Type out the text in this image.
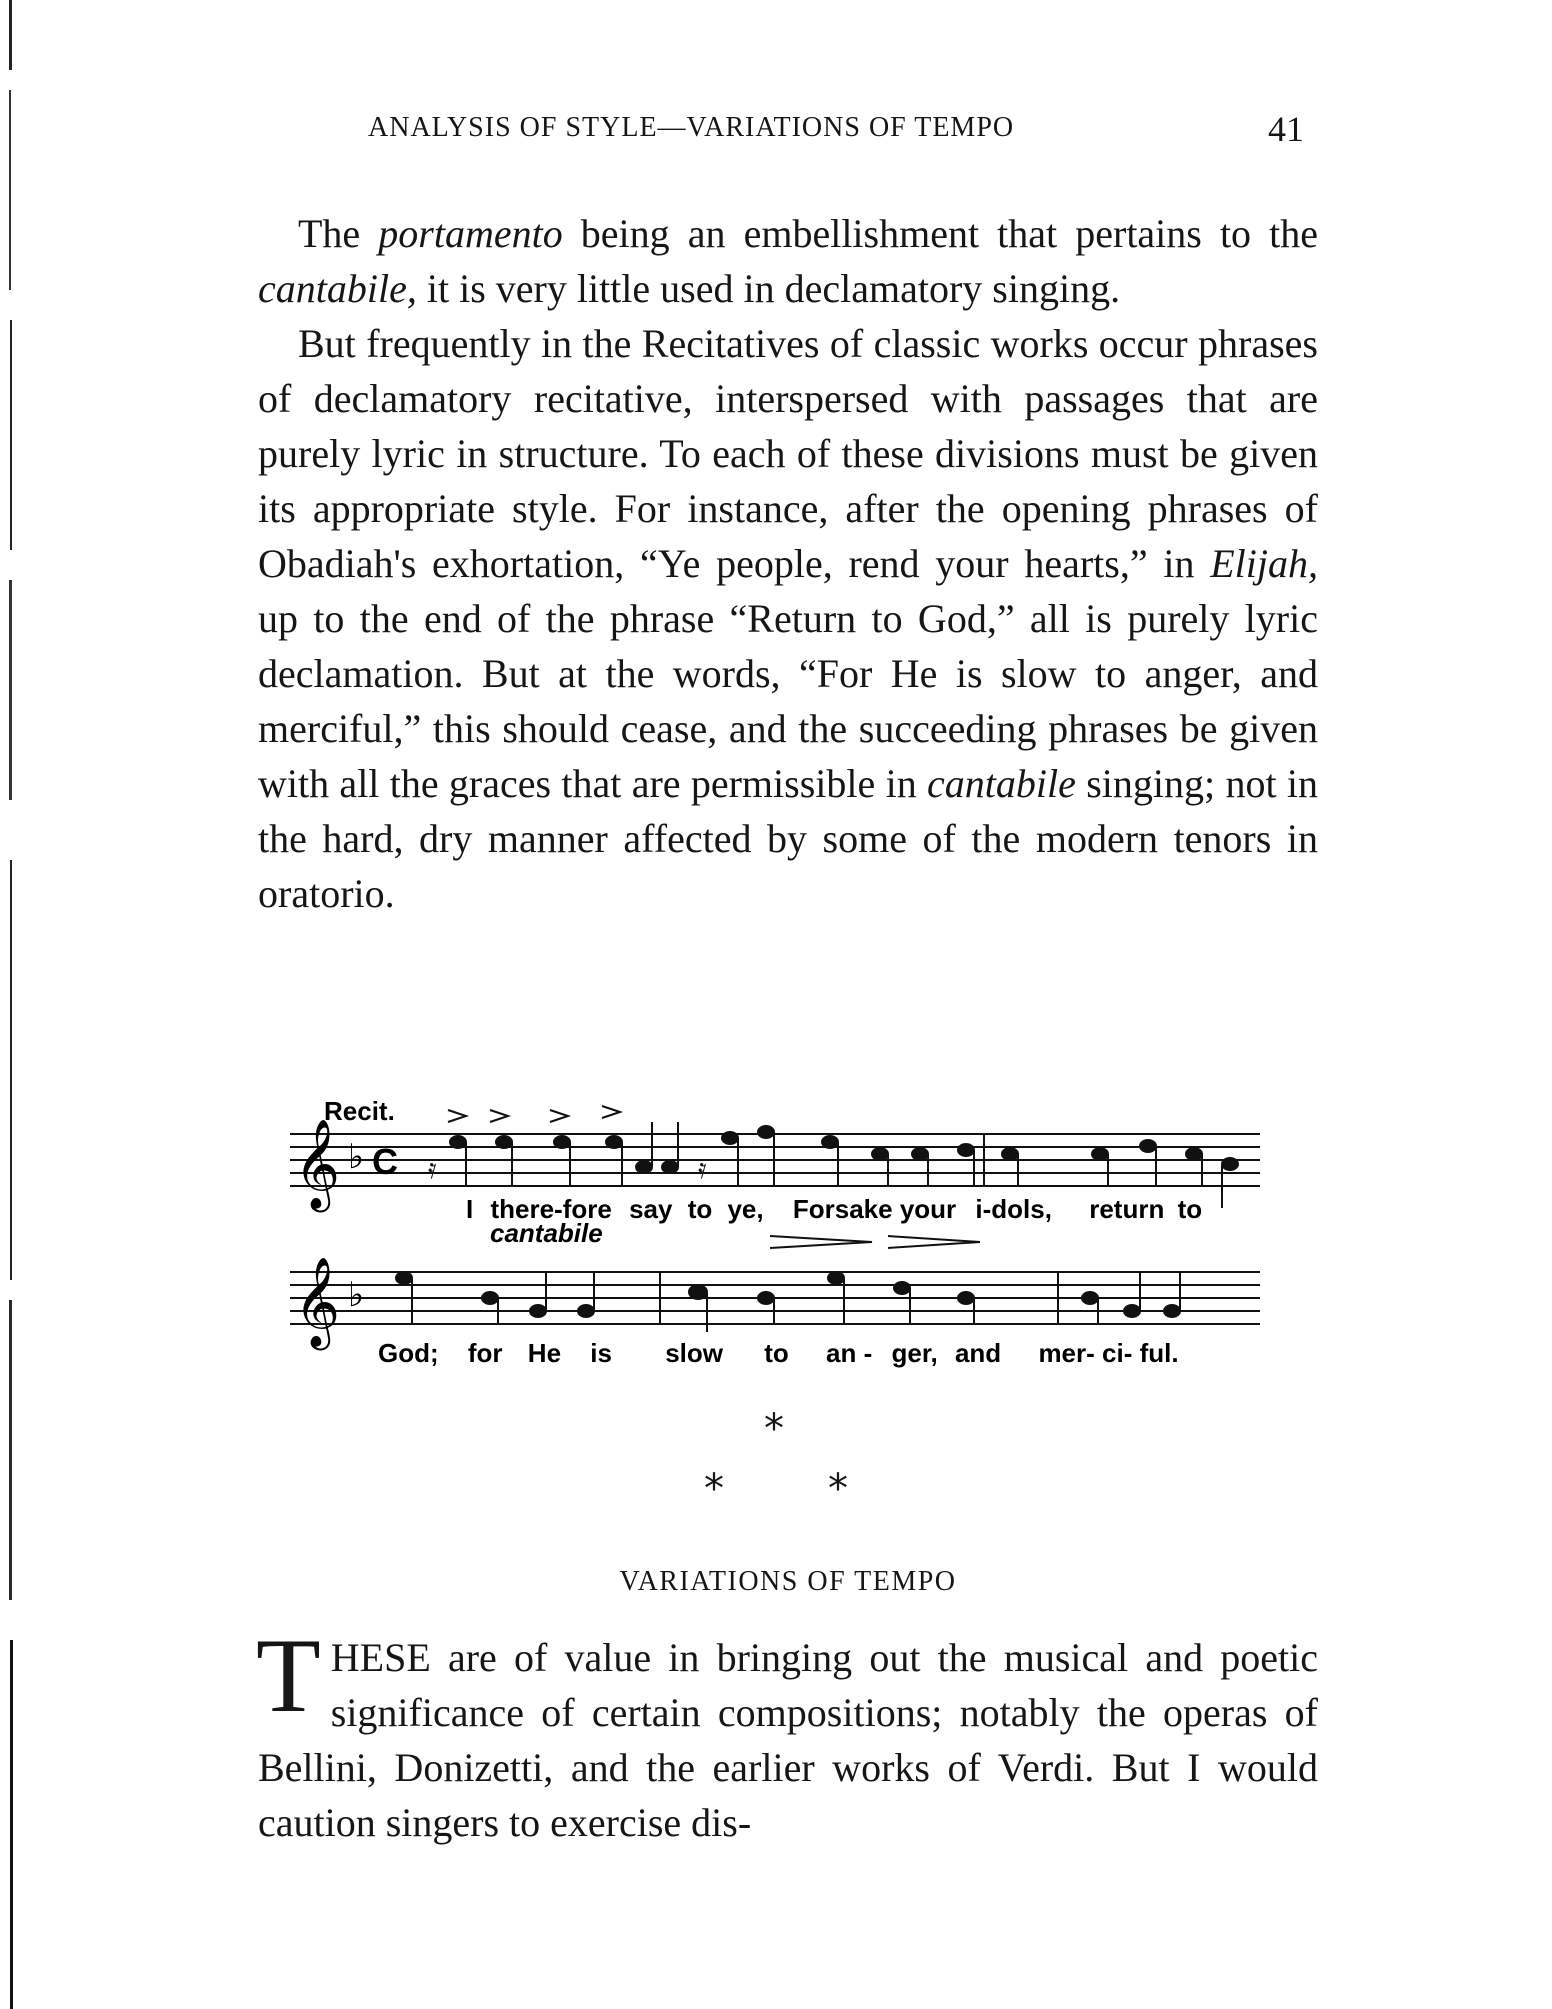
ANALYSIS OF STYLE—VARIATIONS OF TEMPO	41

The portamento being an embellishment that pertains to the cantabile, it is very little used in declamatory singing.

But frequently in the Recitatives of classic works occur phrases of declamatory recitative, interspersed with passages that are purely lyric in structure. To each of these divisions must be given its appropriate style. For instance, after the opening phrases of Obadiah's exhortation, “Ye people, rend your hearts,” in Elijah, up to the end of the phrase “Return to God,” all is purely lyric declamation. But at the words, “For He is slow to anger, and merciful,” this should cease, and the succeeding phrases be given with all the graces that are permissible in cantabile singing; not in the hard, dry manner affected by some of the modern tenors in oratorio.

𝄞 ♭ C
Recit.
𝄿	𝄿
I there-fore say to ye, Forsake your i-dols, return to
𝄞 ♭
cantabile
God; for He is slow to an - ger, and mer- ci- ful.
*
*	*
VARIATIONS OF TEMPO

THESE are of value in bringing out the musical and poetic significance of certain compositions; notably the operas of Bellini, Donizetti, and the earlier works of Verdi. But I would caution singers to exercise dis-
